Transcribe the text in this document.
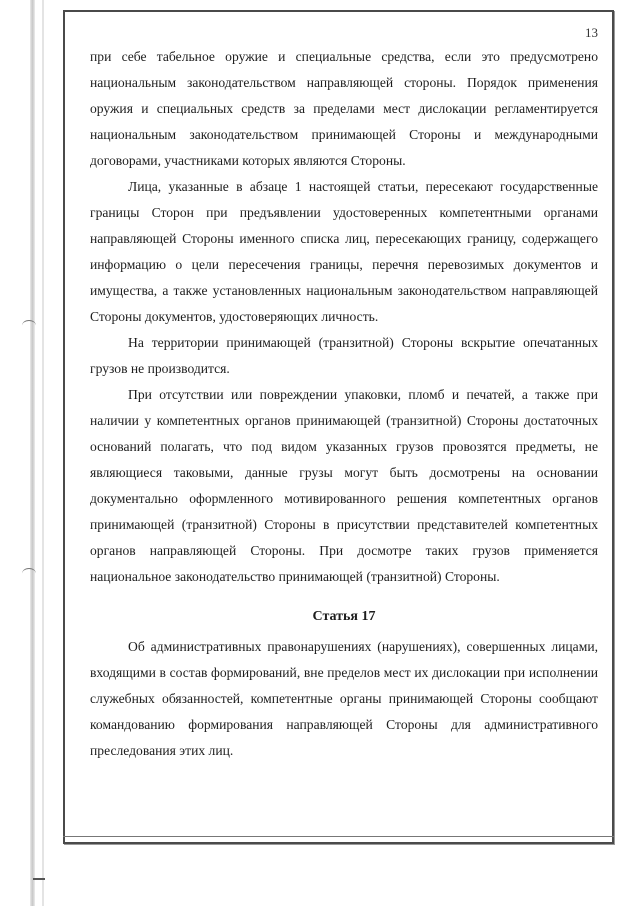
13

при себе табельное оружие и специальные средства, если это предусмотрено национальным законодательством направляющей стороны. Порядок применения оружия и специальных средств за пределами мест дислокации регламентируется национальным законодательством принимающей Стороны и международными договорами, участниками которых являются Стороны.

Лица, указанные в абзаце 1 настоящей статьи, пересекают государственные границы Сторон при предъявлении удостоверенных компетентными органами направляющей Стороны именного списка лиц, пересекающих границу, содержащего информацию о цели пересечения границы, перечня перевозимых документов и имущества, а также установленных национальным законодательством направляющей Стороны документов, удостоверяющих личность.

На территории принимающей (транзитной) Стороны вскрытие опечатанных грузов не производится.

При отсутствии или повреждении упаковки, пломб и печатей, а также при наличии у компетентных органов принимающей (транзитной) Стороны достаточных оснований полагать, что под видом указанных грузов провозятся предметы, не являющиеся таковыми, данные грузы могут быть досмотрены на основании документально оформленного мотивированного решения компетентных органов принимающей (транзитной) Стороны в присутствии представителей компетентных органов направляющей Стороны. При досмотре таких грузов применяется национальное законодательство принимающей (транзитной) Стороны.

Статья 17

Об административных правонарушениях (нарушениях), совершенных лицами, входящими в состав формирований, вне пределов мест их дислокации при исполнении служебных обязанностей, компетентные органы принимающей Стороны сообщают командованию формирования направляющей Стороны для административного преследования этих лиц.
